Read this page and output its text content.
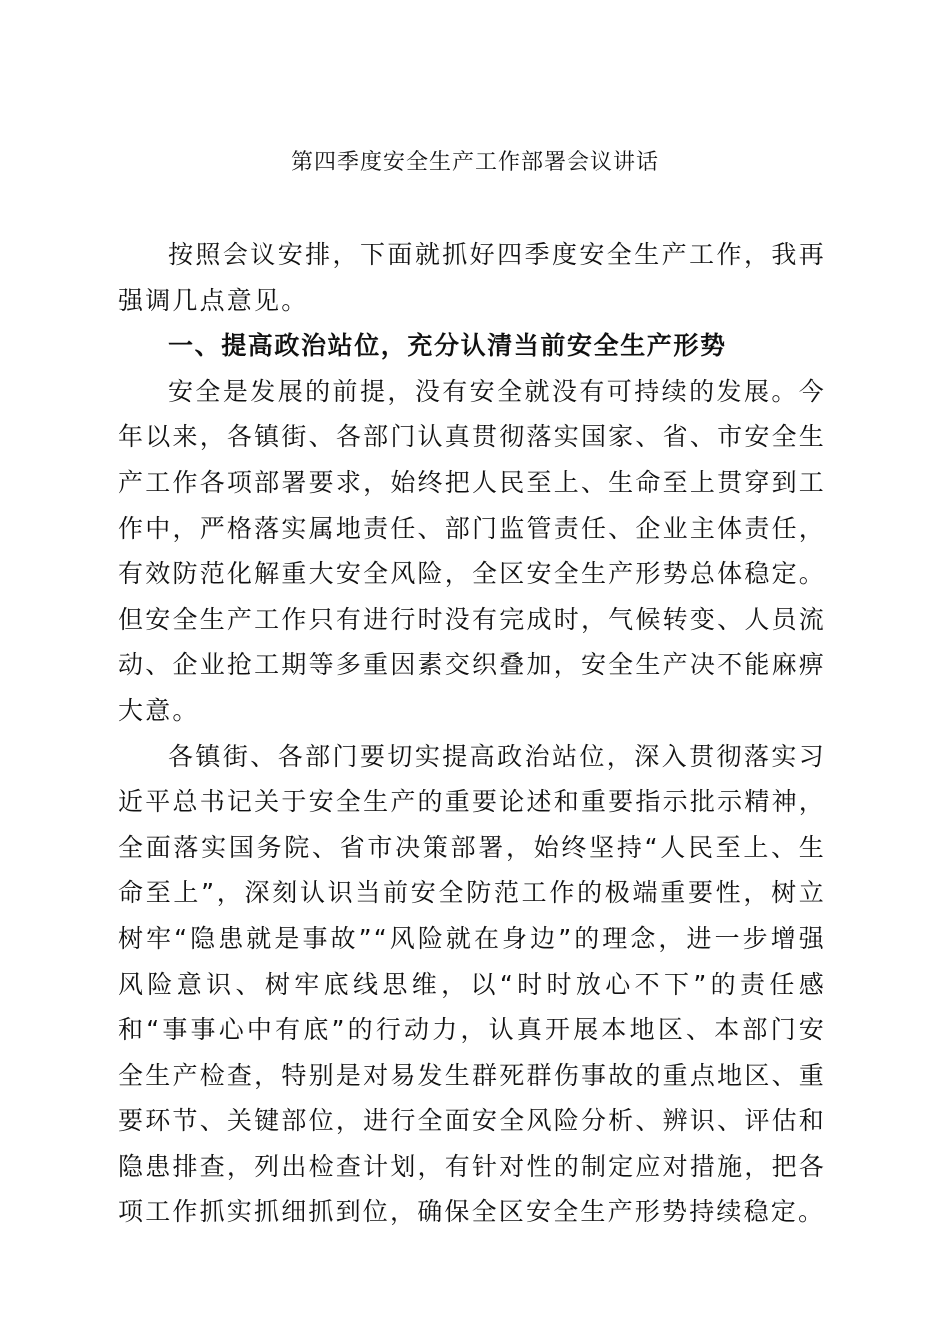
第四季度安全生产工作部署会议讲话

按照会议安排，下面就抓好四季度安全生产工作，我再强调几点意见。

一、提高政治站位，充分认清当前安全生产形势

安全是发展的前提，没有安全就没有可持续的发展。今年以来，各镇街、各部门认真贯彻落实国家、省、市安全生产工作各项部署要求，始终把人民至上、生命至上贯穿到工作中，严格落实属地责任、部门监管责任、企业主体责任，有效防范化解重大安全风险，全区安全生产形势总体稳定。但安全生产工作只有进行时没有完成时，气候转变、人员流动、企业抢工期等多重因素交织叠加，安全生产决不能麻痹大意。

各镇街、各部门要切实提高政治站位，深入贯彻落实习近平总书记关于安全生产的重要论述和重要指示批示精神，全面落实国务院、省市决策部署，始终坚持“人民至上、生命至上”，深刻认识当前安全防范工作的极端重要性，树立树牢“隐患就是事故”“风险就在身边”的理念，进一步增强风险意识、树牢底线思维，以“时时放心不下”的责任感和“事事心中有底”的行动力，认真开展本地区、本部门安全生产检查，特别是对易发生群死群伤事故的重点地区、重要环节、关键部位，进行全面安全风险分析、辨识、评估和隐患排查，列出检查计划，有针对性的制定应对措施，把各项工作抓实抓细抓到位，确保全区安全生产形势持续稳定。
